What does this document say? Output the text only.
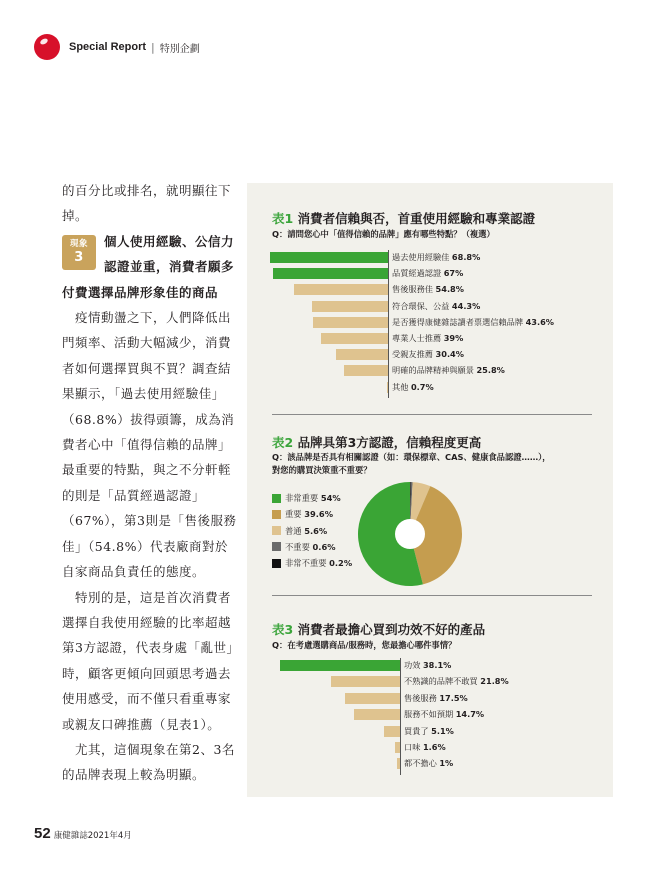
Special Report | 特別企劃

的百分比或排名，就明顯往下掉。

現象
3

個人使用經驗、公信力認證並重，消費者願多付費選擇品牌形象佳的商品

疫情動盪之下，人們降低出門頻率、活動大幅減少，消費者如何選擇買與不買？調查結果顯示，「過去使用經驗佳」（68.8%）拔得頭籌，成為消費者心中「值得信賴的品牌」最重要的特點，與之不分軒輊的則是「品質經過認證」（67%），第3則是「售後服務佳」（54.8%）代表廠商對於自家商品負責任的態度。

特別的是，這是首次消費者選擇自我使用經驗的比率超越第3方認證，代表身處「亂世」時，顧客更傾向回頭思考過去使用感受，而不僅只看重專家或親友口碑推薦（見表1）。

尤其，這個現象在第2、3名的品牌表現上較為明顯。

表1 消費者信賴與否，首重使用經驗和專業認證
Q：請問您心中「值得信賴的品牌」應有哪些特點？（複選）
過去使用經驗佳 68.8%
品質經過認證 67%
售後服務佳 54.8%
符合環保、公益 44.3%
是否獲得康健雜誌讀者票選信賴品牌 43.6%
專業人士推薦 39%
受親友推薦 30.4%
明確的品牌精神與願景 25.8%
其他 0.7%
表2 品牌具第3方認證，信賴程度更高
Q：該品牌是否具有相關認證（如：環保標章、CAS、健康食品認證……），
對您的購買決策重不重要？
非常重要 54%
重要 39.6%
普通 5.6%
不重要 0.6%
非常不重要 0.2%
表3 消費者最擔心買到功效不好的產品
Q：在考慮選購商品/服務時，您最擔心哪件事情？
功效 38.1%
不熟識的品牌不敢買 21.8%
售後服務 17.5%
服務不如預期 14.7%
買貴了 5.1%
口味 1.6%
都不擔心 1%
52 康健雜誌2021年4月
